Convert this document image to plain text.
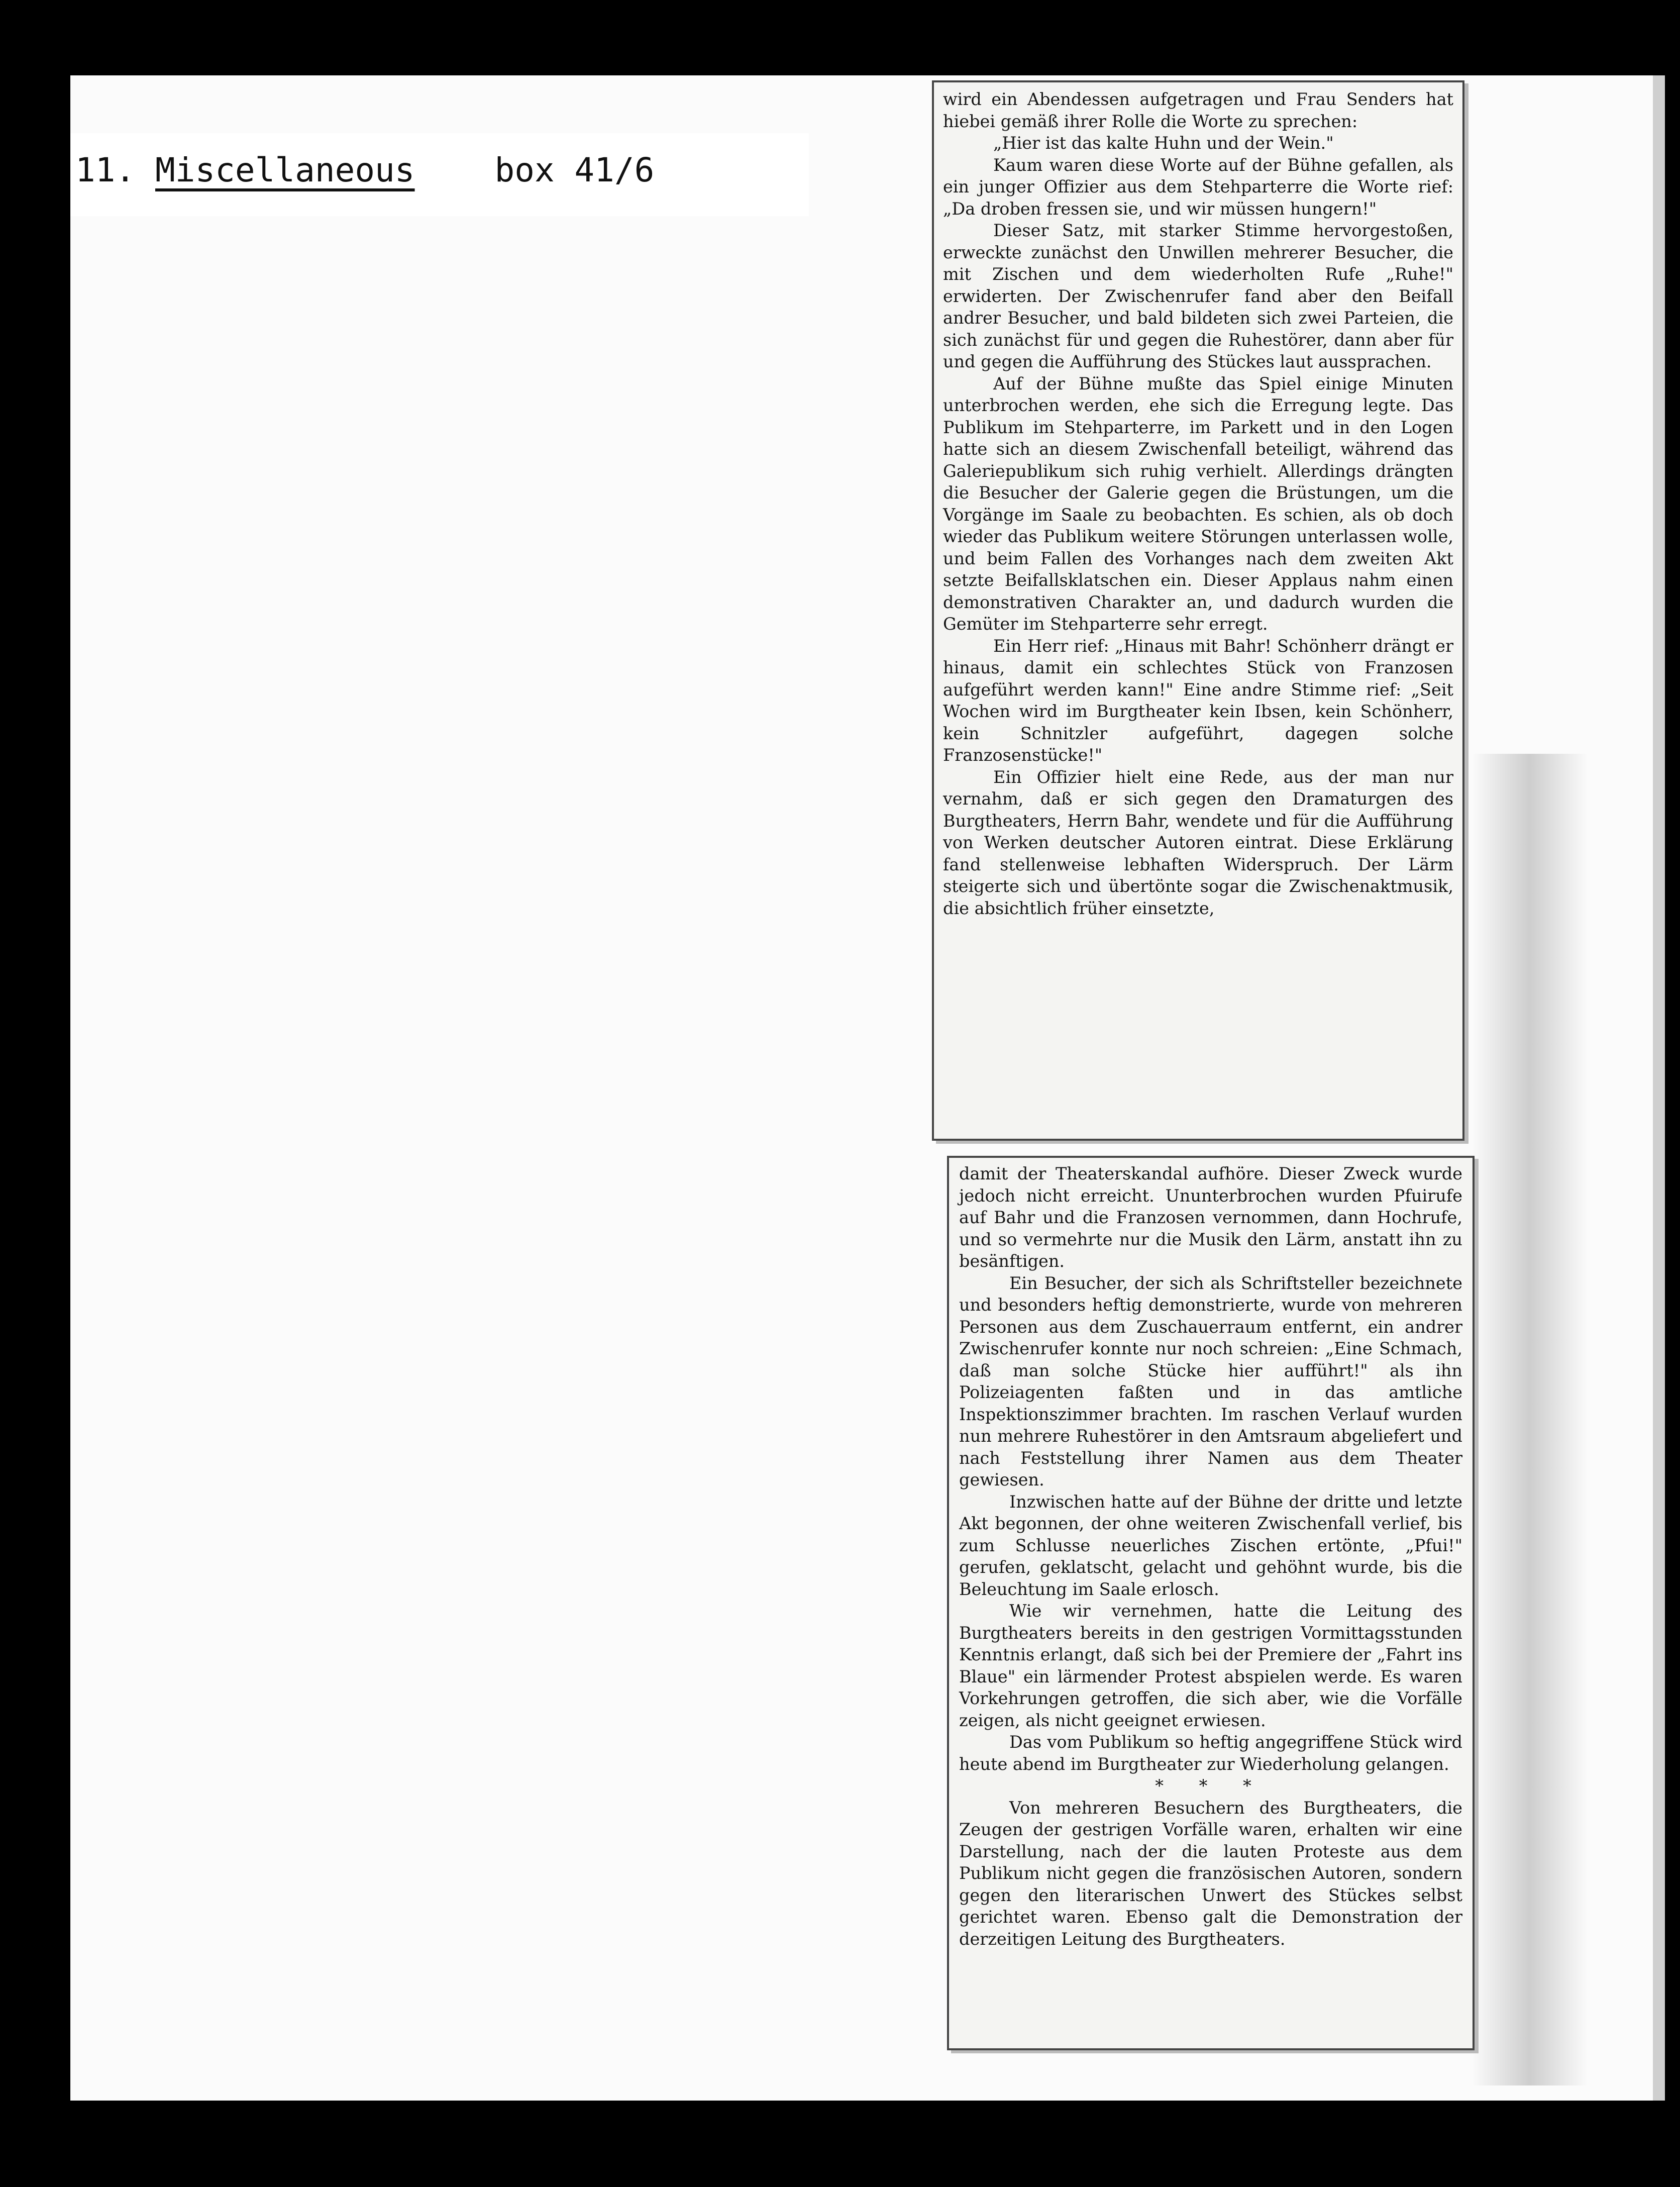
11. Miscellaneous box 41/6

wird ein Abendessen aufgetragen und Frau Senders hat hiebei gemäß ihrer Rolle die Worte zu sprechen:

„Hier ist das kalte Huhn und der Wein."

Kaum waren diese Worte auf der Bühne gefallen, als ein junger Offizier aus dem Stehparterre die Worte rief: „Da droben fressen sie, und wir müssen hungern!"

Dieser Satz, mit starker Stimme hervorgestoßen, erweckte zunächst den Unwillen mehrerer Besucher, die mit Zischen und dem wiederholten Rufe „Ruhe!" erwiderten. Der Zwischenrufer fand aber den Beifall andrer Besucher, und bald bildeten sich zwei Parteien, die sich zunächst für und gegen die Ruhestörer, dann aber für und gegen die Aufführung des Stückes laut aussprachen.

Auf der Bühne mußte das Spiel einige Minuten unterbrochen werden, ehe sich die Erregung legte. Das Publikum im Stehparterre, im Parkett und in den Logen hatte sich an diesem Zwischenfall beteiligt, während das Galeriepublikum sich ruhig verhielt. Allerdings drängten die Besucher der Galerie gegen die Brüstungen, um die Vorgänge im Saale zu beobachten. Es schien, als ob doch wieder das Publikum weitere Störungen unterlassen wolle, und beim Fallen des Vorhanges nach dem zweiten Akt setzte Beifallsklatschen ein. Dieser Applaus nahm einen demonstrativen Charakter an, und dadurch wurden die Gemüter im Stehparterre sehr erregt.

Ein Herr rief: „Hinaus mit Bahr! Schönherr drängt er hinaus, damit ein schlechtes Stück von Franzosen aufgeführt werden kann!" Eine andre Stimme rief: „Seit Wochen wird im Burgtheater kein Ibsen, kein Schönherr, kein Schnitzler aufgeführt, dagegen solche Franzosenstücke!"

Ein Offizier hielt eine Rede, aus der man nur vernahm, daß er sich gegen den Dramaturgen des Burgtheaters, Herrn Bahr, wendete und für die Aufführung von Werken deutscher Autoren eintrat. Diese Erklärung fand stellenweise lebhaften Widerspruch. Der Lärm steigerte sich und übertönte sogar die Zwischenaktmusik, die absichtlich früher einsetzte,

damit der Theaterskandal aufhöre. Dieser Zweck wurde jedoch nicht erreicht. Ununterbrochen wurden Pfuirufe auf Bahr und die Franzosen vernommen, dann Hochrufe, und so vermehrte nur die Musik den Lärm, anstatt ihn zu besänftigen.

Ein Besucher, der sich als Schriftsteller bezeichnete und besonders heftig demonstrierte, wurde von mehreren Personen aus dem Zuschauerraum entfernt, ein andrer Zwischenrufer konnte nur noch schreien: „Eine Schmach, daß man solche Stücke hier aufführt!" als ihn Polizeiagenten faßten und in das amtliche Inspektionszimmer brachten. Im raschen Verlauf wurden nun mehrere Ruhestörer in den Amtsraum abgeliefert und nach Feststellung ihrer Namen aus dem Theater gewiesen.

Inzwischen hatte auf der Bühne der dritte und letzte Akt begonnen, der ohne weiteren Zwischenfall verlief, bis zum Schlusse neuerliches Zischen ertönte, „Pfui!" gerufen, geklatscht, gelacht und gehöhnt wurde, bis die Beleuchtung im Saale erlosch.

Wie wir vernehmen, hatte die Leitung des Burgtheaters bereits in den gestrigen Vormittagsstunden Kenntnis erlangt, daß sich bei der Premiere der „Fahrt ins Blaue" ein lärmender Protest abspielen werde. Es waren Vorkehrungen getroffen, die sich aber, wie die Vorfälle zeigen, als nicht geeignet erwiesen.

Das vom Publikum so heftig angegriffene Stück wird heute abend im Burgtheater zur Wiederholung gelangen.

* * *

Von mehreren Besuchern des Burgtheaters, die Zeugen der gestrigen Vorfälle waren, erhalten wir eine Darstellung, nach der die lauten Proteste aus dem Publikum nicht gegen die französischen Autoren, sondern gegen den literarischen Unwert des Stückes selbst gerichtet waren. Ebenso galt die Demonstration der derzeitigen Leitung des Burgtheaters.
